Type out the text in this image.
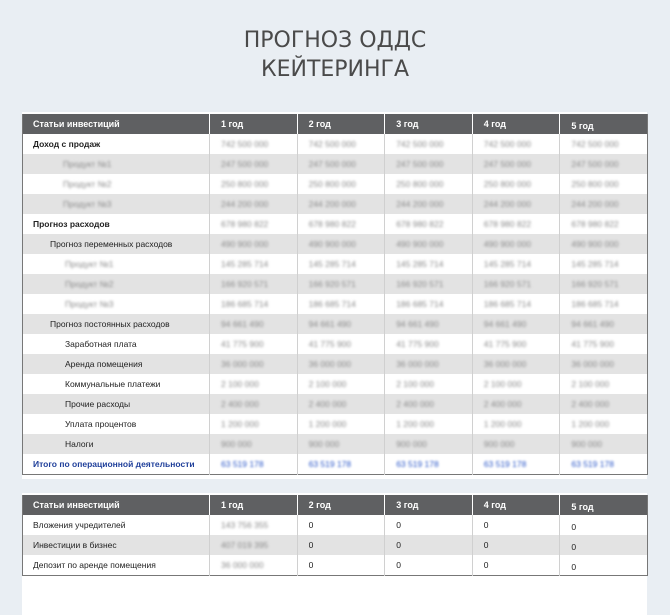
ПРОГНОЗ ОДДС
КЕЙТЕРИНГА
Статьи инвестиций	1 год	2 год	3 год	4 год	5 год
Доход с продаж	742 500 000	742 500 000	742 500 000	742 500 000	742 500 000
Продукт №1	247 500 000	247 500 000	247 500 000	247 500 000	247 500 000
Продукт №2	250 800 000	250 800 000	250 800 000	250 800 000	250 800 000
Продукт №3	244 200 000	244 200 000	244 200 000	244 200 000	244 200 000
Прогноз расходов	678 980 822	678 980 822	678 980 822	678 980 822	678 980 822
Прогноз переменных расходов	490 900 000	490 900 000	490 900 000	490 900 000	490 900 000
Продукт №1	145 285 714	145 285 714	145 285 714	145 285 714	145 285 714
Продукт №2	166 920 571	166 920 571	166 920 571	166 920 571	166 920 571
Продукт №3	186 685 714	186 685 714	186 685 714	186 685 714	186 685 714
Прогноз постоянных расходов	94 661 490	94 661 490	94 661 490	94 661 490	94 661 490
Заработная плата	41 775 900	41 775 900	41 775 900	41 775 900	41 775 900
Аренда помещения	36 000 000	36 000 000	36 000 000	36 000 000	36 000 000
Коммунальные платежи	2 100 000	2 100 000	2 100 000	2 100 000	2 100 000
Прочие расходы	2 400 000	2 400 000	2 400 000	2 400 000	2 400 000
Уплата процентов	1 200 000	1 200 000	1 200 000	1 200 000	1 200 000
Налоги	900 000	900 000	900 000	900 000	900 000
Итого по операционной деятельности	63 519 178	63 519 178	63 519 178	63 519 178	63 519 178
Статьи инвестиций	1 год	2 год	3 год	4 год	5 год
Вложения учредителей	143 756 355	0	0	0	0
Инвестиции в бизнес	407 019 395	0	0	0	0
Депозит по аренде помещения	36 000 000	0	0	0	0
